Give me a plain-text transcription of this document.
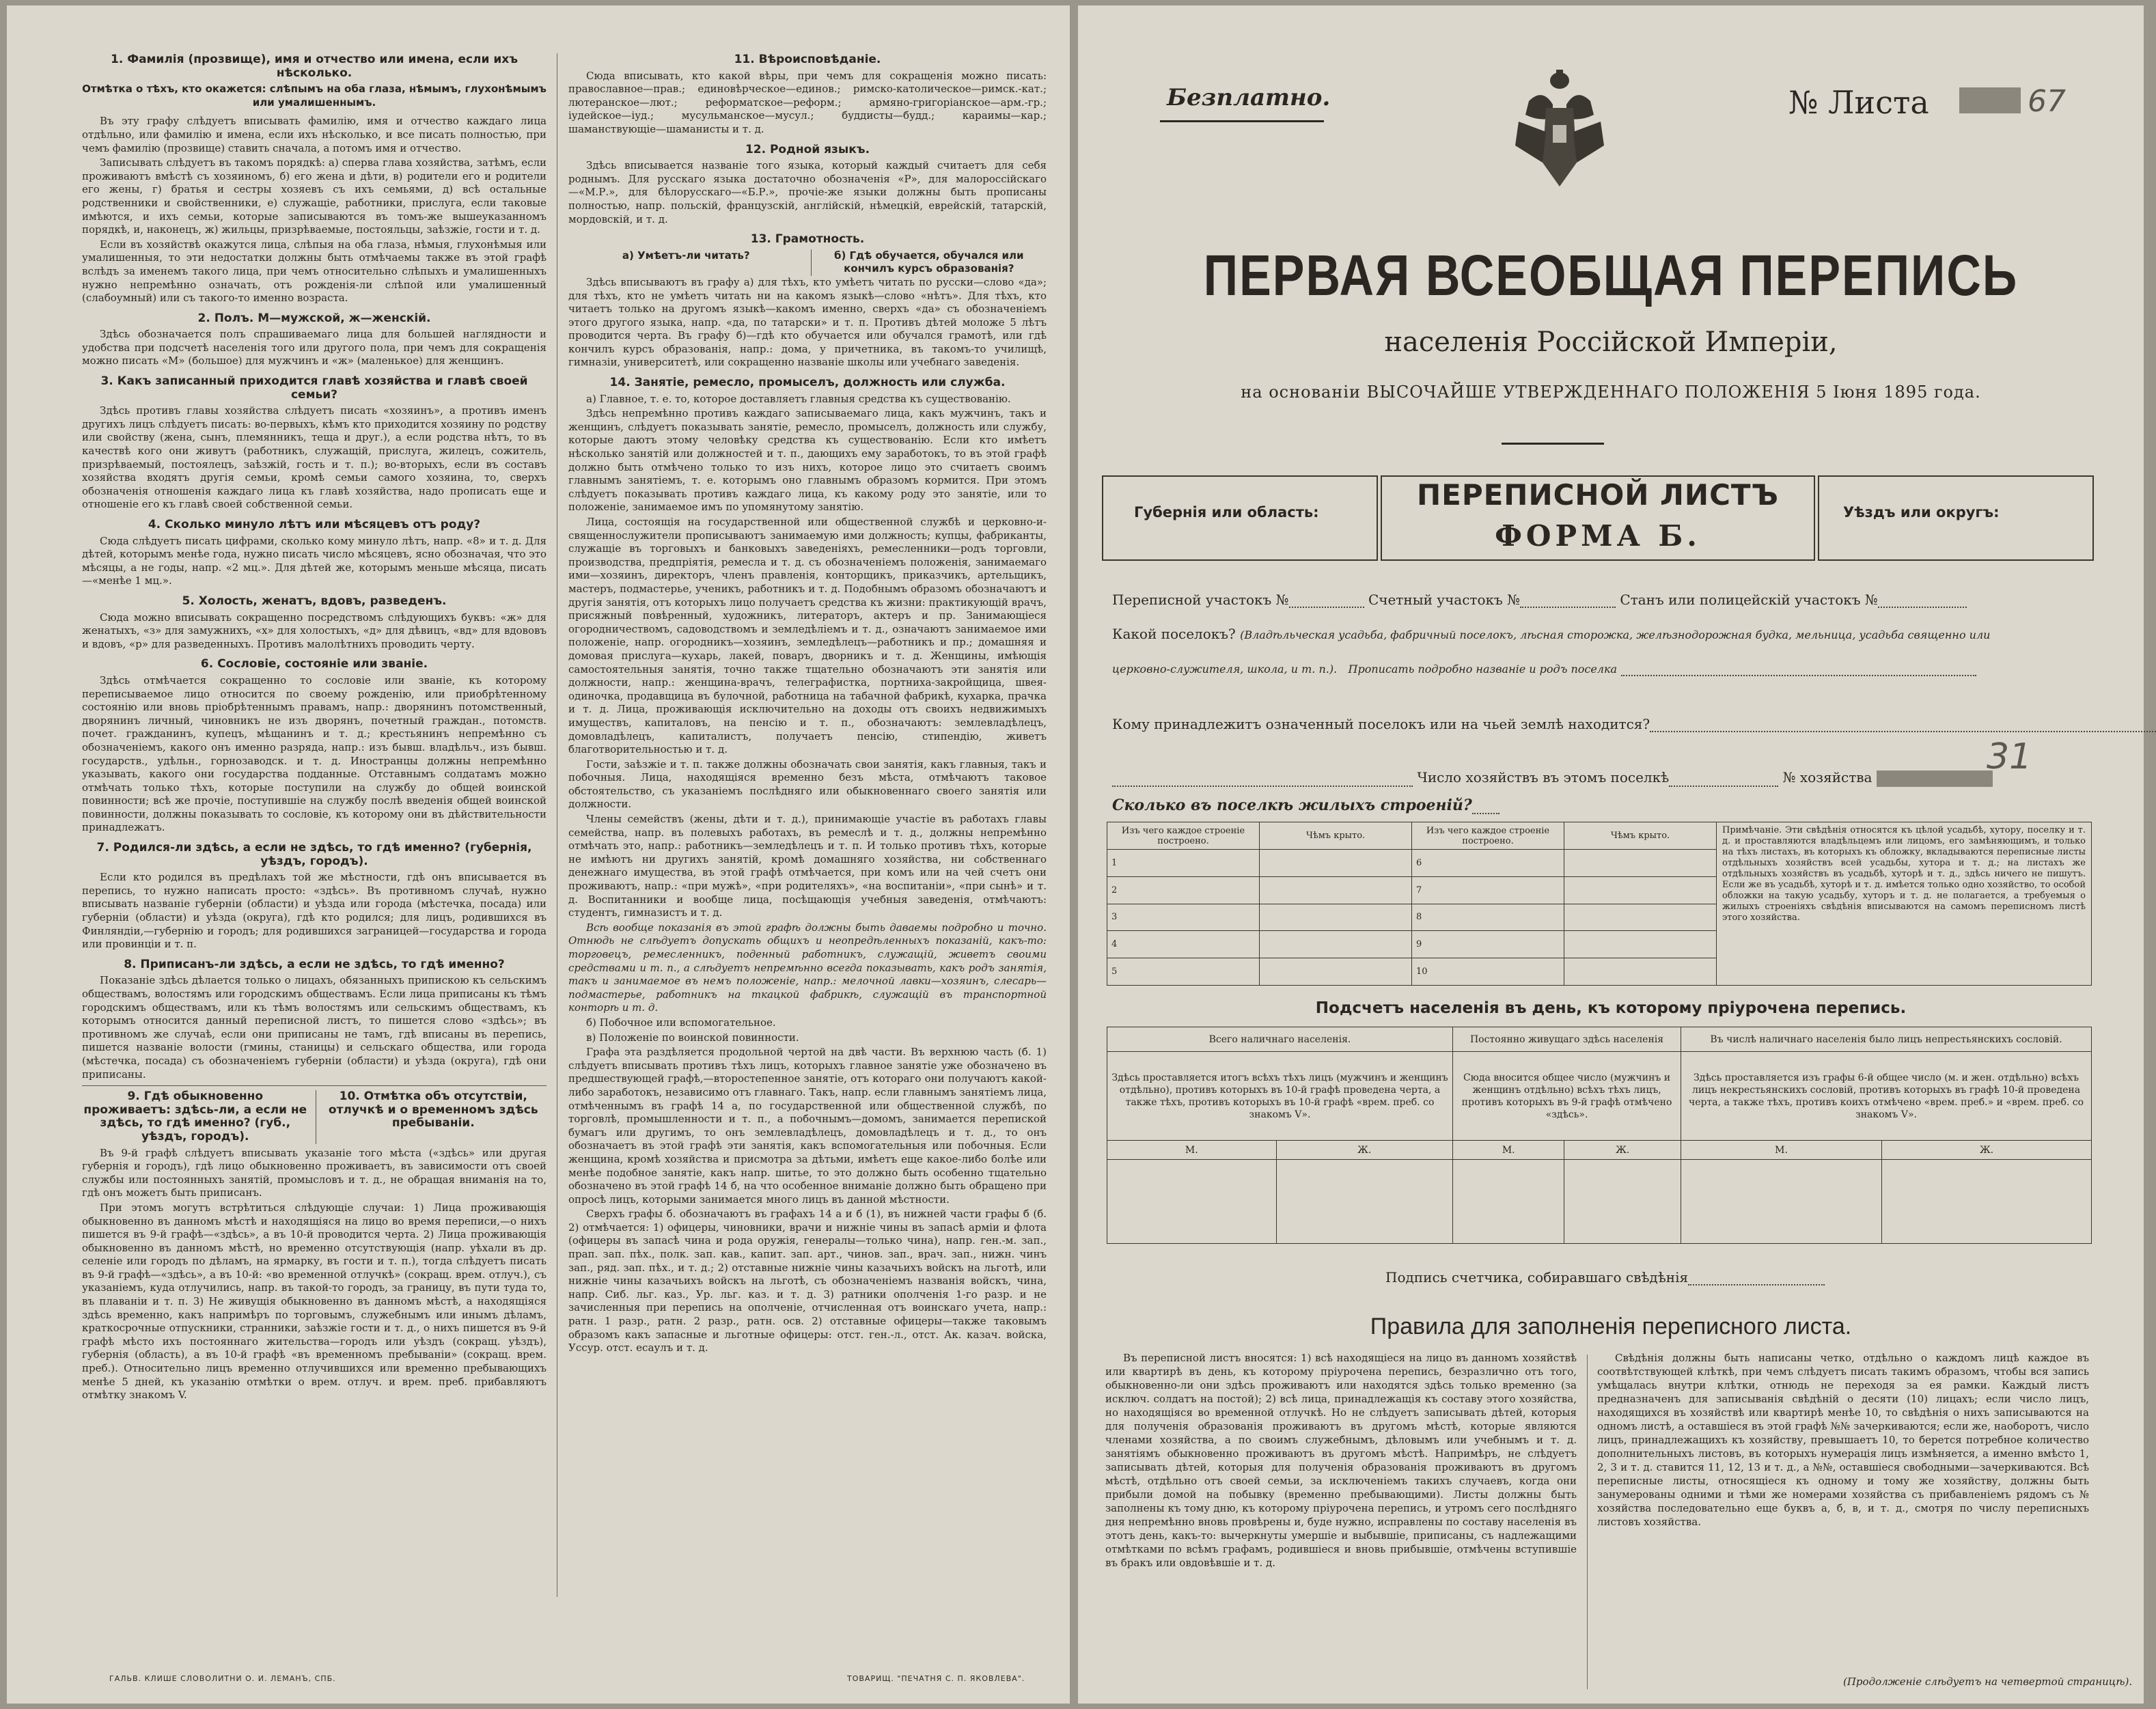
1. Фамилія (прозвище), имя и отчество или имена, если ихъ нѣсколько.
Отмѣтка о тѣхъ, кто окажется: слѣпымъ на оба глаза, нѣмымъ, глухонѣмымъ или умалишеннымъ.

Въ эту графу слѣдуетъ вписывать фамилію, имя и отчество каждаго лица отдѣльно, или фамилію и имена, если ихъ нѣсколько, и все писать полностью, при чемъ фамилію (прозвище) ставить сначала, а потомъ имя и отчество.

Записывать слѣдуетъ въ такомъ порядкѣ: а) сперва глава хозяйства, затѣмъ, если проживаютъ вмѣстѣ съ хозяиномъ, б) его жена и дѣти, в) родители его и родители его жены, г) братья и сестры хозяевъ съ ихъ семьями, д) всѣ остальные родственники и свойственники, е) служащіе, работники, прислуга, если таковые имѣются, и ихъ семьи, которые записываются въ томъ-же вышеуказанномъ порядкѣ, и, наконецъ, ж) жильцы, призрѣваемые, постояльцы, заѣзжіе, гости и т. д.

Если въ хозяйствѣ окажутся лица, слѣпыя на оба глаза, нѣмыя, глухонѣмыя или умалишенныя, то эти недостатки должны быть отмѣчаемы также въ этой графѣ вслѣдъ за именемъ такого лица, при чемъ относительно слѣпыхъ и умалишенныхъ нужно непремѣнно означать, отъ рожденія-ли слѣпой или умалишенный (слабоумный) или съ такого-то именно возраста.

2. Полъ. М—мужской, ж—женскій.

Здѣсь обозначается полъ спрашиваемаго лица для большей наглядности и удобства при подсчетѣ населенія того или другого пола, при чемъ для сокращенія можно писать «М» (большое) для мужчинъ и «ж» (маленькое) для женщинъ.

3. Какъ записанный приходится главѣ хозяйства и главѣ своей семьи?

Здѣсь противъ главы хозяйства слѣдуетъ писать «хозяинъ», а противъ именъ другихъ лицъ слѣдуетъ писать: во-первыхъ, кѣмъ кто приходится хозяину по родству или свойству (жена, сынъ, племянникъ, теща и друг.), а если родства нѣтъ, то въ качествѣ кого они живутъ (работникъ, служащій, прислуга, жилецъ, сожитель, призрѣваемый, постоялецъ, заѣзжій, гость и т. п.); во-вторыхъ, если въ составъ хозяйства входятъ другія семьи, кромѣ семьи самого хозяина, то, сверхъ обозначенія отношенія каждаго лица къ главѣ хозяйства, надо прописать еще и отношеніе его къ главѣ своей собственной семьи.

4. Сколько минуло лѣтъ или мѣсяцевъ отъ роду?

Сюда слѣдуетъ писать цифрами, сколько кому минуло лѣтъ, напр. «8» и т. д. Для дѣтей, которымъ менѣе года, нужно писать число мѣсяцевъ, ясно обозначая, что это мѣсяцы, а не годы, напр. «2 мц.». Для дѣтей же, которымъ меньше мѣсяца, писать—«менѣе 1 мц.».

5. Холость, женатъ, вдовъ, разведенъ.

Сюда можно вписывать сокращенно посредствомъ слѣдующихъ буквъ: «ж» для женатыхъ, «з» для замужнихъ, «х» для холостыхъ, «д» для дѣвицъ, «вд» для вдововъ и вдовъ, «р» для разведенныхъ. Противъ малолѣтнихъ проводить черту.

6. Сословіе, состояніе или званіе.

Здѣсь отмѣчается сокращенно то сословіе или званіе, къ которому переписываемое лицо относится по своему рожденію, или приобрѣтенному состоянію или вновь пріобрѣтеннымъ правамъ, напр.: дворянинъ потомственный, дворянинъ личный, чиновникъ не изъ дворянъ, почетный граждан., потомств. почет. гражданинъ, купецъ, мѣщанинъ и т. д.; крестьянинъ непремѣнно съ обозначеніемъ, какого онъ именно разряда, напр.: изъ бывш. владѣльч., изъ бывш. государств., удѣльн., горнозаводск. и т. д. Иностранцы должны непремѣнно указывать, какого они государства подданные. Отставнымъ солдатамъ можно отмѣчать только тѣхъ, которые поступили на службу до общей воинской повинности; всѣ же прочіе, поступившіе на службу послѣ введенія общей воинской повинности, должны показывать то сословіе, къ которому они въ дѣйствительности принадлежатъ.

7. Родился-ли здѣсь, а если не здѣсь, то гдѣ именно? (губернія, уѣздъ, городъ).

Если кто родился въ предѣлахъ той же мѣстности, гдѣ онъ вписывается въ перепись, то нужно написать просто: «здѣсь». Въ противномъ случаѣ, нужно вписывать названіе губерніи (области) и уѣзда или города (мѣстечка, посада) или губерніи (области) и уѣзда (округа), гдѣ кто родился; для лицъ, родившихся въ Финляндіи,—губернію и городъ; для родившихся заграницей—государства и города или провинціи и т. п.

8. Приписанъ-ли здѣсь, а если не здѣсь, то гдѣ именно?

Показаніе здѣсь дѣлается только о лицахъ, обязанныхъ припискою къ сельскимъ обществамъ, волостямъ или городскимъ обществамъ. Если лица приписаны къ тѣмъ городскимъ обществамъ, или къ тѣмъ волостямъ или сельскимъ обществамъ, къ которымъ относится данный переписной листъ, то пишется слово «здѣсь»; въ противномъ же случаѣ, если они приписаны не тамъ, гдѣ вписаны въ перепись, пишется названіе волости (гмины, станицы) и сельскаго общества, или города (мѣстечка, посада) съ обозначеніемъ губерніи (области) и уѣзда (округа), гдѣ они приписаны.

9. Гдѣ обыкновенно проживаетъ: здѣсь-ли, а если не здѣсь, то гдѣ именно? (губ., уѣздъ, городъ).
10. Отмѣтка объ отсутствіи, отлучкѣ и о временномъ здѣсь пребываніи.

Въ 9-й графѣ слѣдуетъ вписывать указаніе того мѣста («здѣсь» или другая губернія и городъ), гдѣ лицо обыкновенно проживаетъ, въ зависимости отъ своей службы или постоянныхъ занятій, промысловъ и т. д., не обращая вниманія на то, гдѣ онъ можетъ быть приписанъ.

При этомъ могутъ встрѣтиться слѣдующіе случаи: 1) Лица проживающія обыкновенно въ данномъ мѣстѣ и находящіяся на лицо во время переписи,—о нихъ пишется въ 9-й графѣ—«здѣсь», а въ 10-й проводится черта. 2) Лица проживающія обыкновенно въ данномъ мѣстѣ, но временно отсутствующія (напр. уѣхали въ др. селеніе или городъ по дѣламъ, на ярмарку, въ гости и т. п.), тогда слѣдуетъ писать въ 9-й графѣ—«здѣсь», а въ 10-й: «во временной отлучкѣ» (сокращ. врем. отлуч.), съ указаніемъ, куда отлучились, напр. въ такой-то городъ, за границу, въ пути туда то, въ плаваніи и т. п. 3) Не живущія обыкновенно въ данномъ мѣстѣ, а находящіяся здѣсь временно, какъ напримѣръ по торговымъ, служебнымъ или инымъ дѣламъ, краткосрочные отпускники, странники, заѣзжіе гости и т. д., о нихъ пишется въ 9-й графѣ мѣсто ихъ постояннаго жительства—городъ или уѣздъ (сокращ. уѣздъ), губернія (область), а въ 10-й графѣ «въ временномъ пребываніи» (сокращ. врем. преб.). Относительно лицъ временно отлучившихся или временно пребывающихъ менѣе 5 дней, къ указанію отмѣтки о врем. отлуч. и врем. преб. прибавляютъ отмѣтку знакомъ V.

11. Вѣроисповѣданіе.

Сюда вписывать, кто какой вѣры, при чемъ для сокращенія можно писать: православное—прав.; единовѣрческое—единов.; римско-католическое—римск.-кат.; лютеранское—лют.; реформатское—реформ.; армяно-григоріанское—арм.-гр.; іудейское—іуд.; мусульманское—мусул.; буддисты—будд.; караимы—кар.; шаманствующіе—шаманисты и т. д.

12. Родной языкъ.

Здѣсь вписывается названіе того языка, который каждый считаетъ для себя роднымъ. Для русскаго языка достаточно обозначенія «Р», для малороссійскаго—«М.Р.», для бѣлорусскаго—«Б.Р.», прочіе-же языки должны быть прописаны полностью, напр. польскій, французскій, англійскій, нѣмецкій, еврейскій, татарскій, мордовскій, и т. д.

13. Грамотность.
а) Умѣетъ-ли читать?	б) Гдѣ обучается, обучался или кончилъ курсъ образованія?

Здѣсь вписываютъ въ графу а) для тѣхъ, кто умѣетъ читать по русски—слово «да»; для тѣхъ, кто не умѣетъ читать ни на какомъ языкѣ—слово «нѣтъ». Для тѣхъ, кто читаетъ только на другомъ языкѣ—какомъ именно, сверхъ «да» съ обозначеніемъ этого другого языка, напр. «да, по татарски» и т. п. Противъ дѣтей моложе 5 лѣтъ проводится черта. Въ графу б)—гдѣ кто обучается или обучался грамотѣ, или гдѣ кончилъ курсъ образованія, напр.: дома, у причетника, въ такомъ-то училищѣ, гимназіи, университетѣ, или сокращенно названіе школы или учебнаго заведенія.

14. Занятіе, ремесло, промыселъ, должность или служба.

а) Главное, т. е. то, которое доставляетъ главныя средства къ существованію.

Здѣсь непремѣнно противъ каждаго записываемаго лица, какъ мужчинъ, такъ и женщинъ, слѣдуетъ показывать занятіе, ремесло, промыселъ, должность или службу, которые даютъ этому человѣку средства къ существованію. Если кто имѣетъ нѣсколько занятій или должностей и т. п., дающихъ ему заработокъ, то въ этой графѣ должно быть отмѣчено только то изъ нихъ, которое лицо это считаетъ своимъ главнымъ занятіемъ, т. е. которымъ оно главнымъ образомъ кормится. При этомъ слѣдуетъ показывать противъ каждаго лица, къ какому роду это занятіе, или то положеніе, занимаемое имъ по упомянутому занятію.

Лица, состоящія на государственной или общественной службѣ и церковно-и-священнослужители прописываютъ занимаемую ими должность; купцы, фабриканты, служащіе въ торговыхъ и банковыхъ заведеніяхъ, ремесленники—родъ торговли, производства, предпріятія, ремесла и т. д. съ обозначеніемъ положенія, занимаемаго ими—хозяинъ, директоръ, членъ правленія, конторщикъ, приказчикъ, артельщикъ, мастеръ, подмастерье, ученикъ, работникъ и т. д. Подобнымъ образомъ обозначаютъ и другія занятія, отъ которыхъ лицо получаетъ средства къ жизни: практикующій врачъ, присяжный повѣренный, художникъ, литераторъ, актеръ и пр. Занимающіеся огородничествомъ, садоводствомъ и земледѣліемъ и т. д., означаютъ занимаемое ими положеніе, напр. огородникъ—хозяинъ, земледѣлецъ—работникъ и пр.; домашняя и домовая прислуга—кухарь, лакей, поваръ, дворникъ и т. д. Женщины, имѣющія самостоятельныя занятія, точно также тщательно обозначаютъ эти занятія или должности, напр.: женщина-врачъ, телеграфистка, портниха-закройщица, швея-одиночка, продавщица въ булочной, работница на табачной фабрикѣ, кухарка, прачка и т. д. Лица, проживающія исключительно на доходы отъ своихъ недвижимыхъ имуществъ, капиталовъ, на пенсію и т. п., обозначаютъ: землевладѣлецъ, домовладѣлецъ, капиталистъ, получаетъ пенсію, стипендію, живетъ благотворительностью и т. д.

Гости, заѣзжіе и т. п. также должны обозначать свои занятія, какъ главныя, такъ и побочныя. Лица, находящіяся временно безъ мѣста, отмѣчаютъ таковое обстоятельство, съ указаніемъ послѣдняго или обыкновеннаго своего занятія или должности.

Члены семействъ (жены, дѣти и т. д.), принимающіе участіе въ работахъ главы семейства, напр. въ полевыхъ работахъ, въ ремеслѣ и т. д., должны непремѣнно отмѣчать это, напр.: работникъ—земледѣлецъ и т. п. И только противъ тѣхъ, которые не имѣютъ ни другихъ занятій, кромѣ домашняго хозяйства, ни собственнаго денежнаго имущества, въ этой графѣ отмѣчается, при комъ или на чей счетъ они проживаютъ, напр.: «при мужѣ», «при родителяхъ», «на воспитаніи», «при сынѣ» и т. д. Воспитанники и вообще лица, посѣщающія учебныя заведенія, отмѣчаютъ: студентъ, гимназистъ и т. д.

Всѣ вообще показанія въ этой графѣ должны быть даваемы подробно и точно. Отнюдь не слѣдуетъ допускать общихъ и неопредѣленныхъ показаній, какъ-то: торговецъ, ремесленникъ, поденный работникъ, служащій, живетъ своими средствами и т. п., а слѣдуетъ непремѣнно всегда показывать, какъ родъ занятія, такъ и занимаемое въ немъ положеніе, напр.: мелочной лавки—хозяинъ, слесарь—подмастерье, работникъ на ткацкой фабрикѣ, служащій въ транспортной конторѣ и т. д.

б) Побочное или вспомогательное.

в) Положеніе по воинской повинности.

Графа эта раздѣляется продольной чертой на двѣ части. Въ верхнюю часть (б. 1) слѣдуетъ вписывать противъ тѣхъ лицъ, которыхъ главное занятіе уже обозначено въ предшествующей графѣ,—второстепенное занятіе, отъ котораго они получаютъ какой-либо заработокъ, независимо отъ главнаго. Такъ, напр. если главнымъ занятіемъ лица, отмѣченнымъ въ графѣ 14 а, по государственной или общественной службѣ, по торговлѣ, промышленности и т. п., а побочнымъ—домомъ, занимается перепиской бумагъ или другимъ, то онъ землевладѣлецъ, домовладѣлецъ и т. д., то онъ обозначаетъ въ этой графѣ эти занятія, какъ вспомогательныя или побочныя. Если женщина, кромѣ хозяйства и присмотра за дѣтьми, имѣетъ еще какое-либо болѣе или менѣе подобное занятіе, какъ напр. шитье, то это должно быть особенно тщательно обозначено въ этой графѣ 14 б, на что особенное вниманіе должно быть обращено при опросѣ лицъ, которыми занимается много лицъ въ данной мѣстности.

Сверхъ графы б. обозначаютъ въ графахъ 14 а и б (1), въ нижней части графы б (б. 2) отмѣчается: 1) офицеры, чиновники, врачи и нижніе чины въ запасѣ арміи и флота (офицеры въ запасѣ чина и рода оружія, генералы—только чина), напр. ген.-м. зап., прап. зап. пѣх., полк. зап. кав., капит. зап. арт., чинов. зап., врач. зап., нижн. чинъ зап., ряд. зап. пѣх., и т. д.; 2) отставные нижніе чины казачьихъ войскъ на льготѣ, или нижніе чины казачьихъ войскъ на льготѣ, съ обозначеніемъ названія войскъ, чина, напр. Сиб. льг. каз., Ур. льг. каз. и т. д. 3) ратники ополченія 1-го разр. и не зачисленныя при перепись на ополченіе, отчисленная отъ воинскаго учета, напр.: ратн. 1 разр., ратн. 2 разр., ратн. осв. 2) отставные офицеры—также таковымъ образомъ какъ запасные и льготные офицеры: отст. ген.-л., отст. Ак. казач. войска, Уссур. отст. есаулъ и т. д.

ГАЛЬВ. КЛИШЕ СЛОВОЛИТНИ О. И. ЛЕМАНЪ, СПБ.	ТОВАРИЩ. "ПЕЧАТНЯ С. П. ЯКОВЛЕВА".
Безплатно.	№ Листа	67
ПЕРВАЯ ВСЕОБЩАЯ ПЕРЕПИСЬ
населенія Россійской Имперіи,
на основаніи ВЫСОЧАЙШЕ УТВЕРЖДЕННАГО ПОЛОЖЕНІЯ 5 Іюня 1895 года.
Губернія или область:
ПЕРЕПИСНОЙ ЛИСТЪ
ФОРМА Б.
Уѣздъ или округъ:
Переписной участокъ №	Счетный участокъ №	Станъ или полицейскій участокъ №
Какой поселокъ? (Владѣльческая усадьба, фабричный поселокъ, лѣсная сторожка, желѣзнодорожная будка, мельница, усадьба священно или
церковно-служителя, школа, и т. п.). Прописать подробно названіе и родъ поселка
Кому принадлежитъ означенный поселокъ или на чьей землѣ находится?
Число хозяйствъ въ этомъ поселкѣ	№ хозяйства	31
Сколько въ поселкѣ жилыхъ строеній?
Изъ чего каждое строеніе построено.	Чѣмъ крыто.	Изъ чего каждое строеніе построено.	Чѣмъ крыто.	Примѣчаніе. Эти свѣдѣнія относятся къ цѣлой усадьбѣ, хутору, поселку и т. д. и проставляются владѣльцемъ или лицомъ, его замѣняющимъ, и только на тѣхъ листахъ, въ которыхъ къ обложку, вкладываются переписные листы отдѣльныхъ хозяйствъ всей усадьбы, хутора и т. д.; на листахъ же отдѣльныхъ хозяйствъ въ усадьбѣ, хуторѣ и т. д., здѣсь ничего не пишутъ. Если же въ усадьбѣ, хуторѣ и т. д. имѣется только одно хозяйство, то особой обложки на такую усадьбу, хуторъ и т. д. не полагается, а требуемыя о жилыхъ строеніяхъ свѣдѣнія вписываются на самомъ переписномъ листѣ этого хозяйства.
1		6		
2		7		
3		8		
4		9		
5		10		
Подсчетъ населенія въ день, къ которому пріурочена перепись.
Всего наличнаго населенія.		Постоянно живущаго здѣсь населенія		Въ числѣ наличнаго населенія было лицъ непрестьянскихъ сословій.	
Здѣсь проставляется итогъ всѣхъ тѣхъ лицъ (мужчинъ и женщинъ отдѣльно), противъ которыхъ въ 10-й графѣ проведена черта, а также тѣхъ, противъ которыхъ въ 10-й графѣ «врем. преб. со знакомъ V».		Сюда вносится общее число (мужчинъ и женщинъ отдѣльно) всѣхъ тѣхъ лицъ, противъ которыхъ въ 9-й графѣ отмѣчено «здѣсь».		Здѣсь проставляется изъ графы 6-й общее число (м. и жен. отдѣльно) всѣхъ лицъ некрестьянскихъ сословій, противъ которыхъ въ графѣ 10-й проведена черта, а также тѣхъ, противъ коихъ отмѣчено «врем. преб.» и «врем. преб. со знакомъ V».	
М.	Ж.	М.	Ж.	М.	Ж.

Подпись счетчика, собиравшаго свѣдѣнія
Правила для заполненія переписного листа.

Въ переписной листъ вносятся: 1) всѣ находящіеся на лицо въ данномъ хозяйствѣ или квартирѣ въ день, къ которому пріурочена перепись, безразлично отъ того, обыкновенно-ли они здѣсь проживаютъ или находятся здѣсь только временно (за исключ. солдатъ на постой); 2) всѣ лица, принадлежащія къ составу этого хозяйства, но находящіяся во временной отлучкѣ. Но не слѣдуетъ записывать дѣтей, которыя для полученія образованія проживаютъ въ другомъ мѣстѣ, которые являются членами хозяйства, а по своимъ служебнымъ, дѣловымъ или учебнымъ и т. д. занятіямъ обыкновенно проживаютъ въ другомъ мѣстѣ. Напримѣръ, не слѣдуетъ записывать дѣтей, которыя для полученія образованія проживаютъ въ другомъ мѣстѣ, отдѣльно отъ своей семьи, за исключеніемъ такихъ случаевъ, когда они прибыли домой на побывку (временно пребывающими). Листы должны быть заполнены къ тому дню, къ которому пріурочена перепись, и утромъ сего послѣдняго дня непремѣнно вновь провѣрены и, буде нужно, исправлены по составу населенія въ этотъ день, какъ-то: вычеркнуты умершіе и выбывшіе, приписаны, съ надлежащими отмѣтками по всѣмъ графамъ, родившіеся и вновь прибывшіе, отмѣчены вступившіе въ бракъ или овдовѣвшіе и т. д.

Свѣдѣнія должны быть написаны четко, отдѣльно о каждомъ лицѣ каждое въ соотвѣтствующей клѣткѣ, при чемъ слѣдуетъ писать такимъ образомъ, чтобы вся запись умѣщалась внутри клѣтки, отнюдь не переходя за ея рамки. Каждый листъ предназначенъ для записыванія свѣдѣній о десяти (10) лицахъ; если число лицъ, находящихся въ хозяйствѣ или квартирѣ менѣе 10, то свѣдѣнія о нихъ записываются на одномъ листѣ, а оставшіеся въ этой графѣ №№ зачеркиваются; если же, наоборотъ, число лицъ, принадлежащихъ къ хозяйству, превышаетъ 10, то берется потребное количество дополнительныхъ листовъ, въ которыхъ нумерація лицъ измѣняется, а именно вмѣсто 1, 2, 3 и т. д. ставится 11, 12, 13 и т. д., а №№, оставшіеся свободными—зачеркиваются. Всѣ переписные листы, относящіеся къ одному и тому же хозяйству, должны быть занумерованы одними и тѣми же номерами хозяйства съ прибавленіемъ рядомъ съ № хозяйства последовательно еще буквъ а, б, в, и т. д., смотря по числу переписныхъ листовъ хозяйства.

(Продолженіе слѣдуетъ на четвертой страницѣ).
